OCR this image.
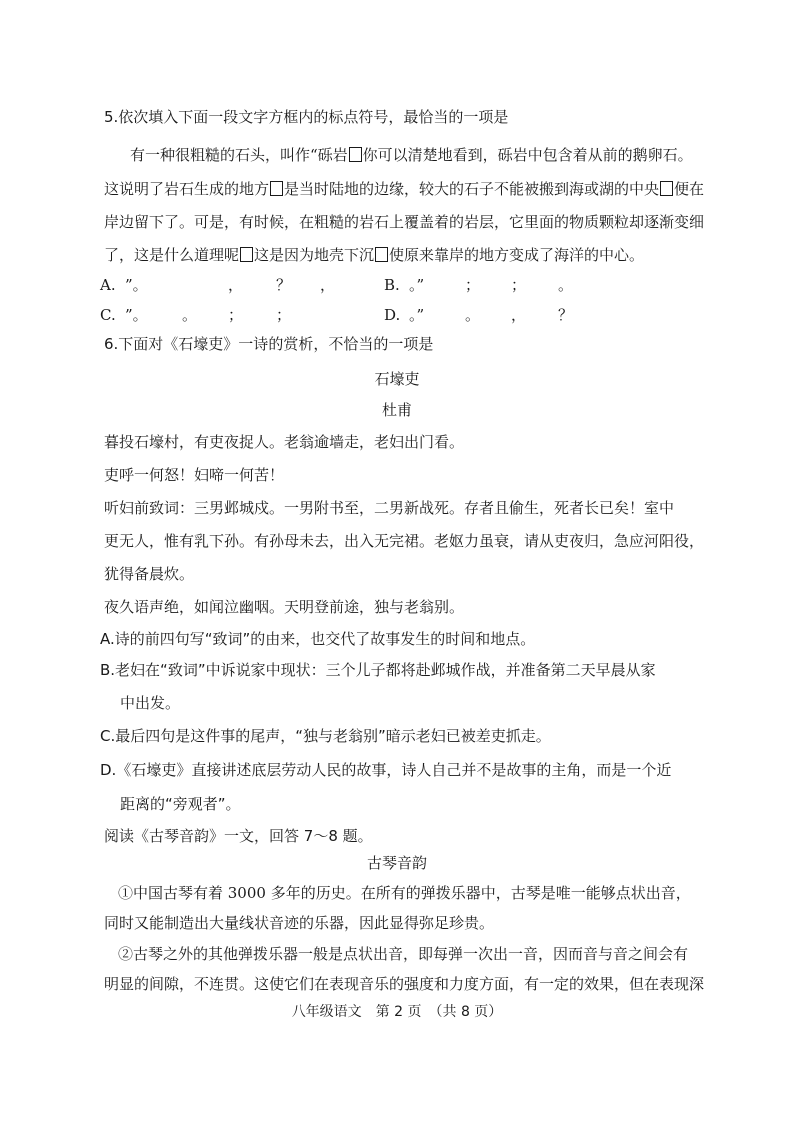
5.依次填入下面一段文字方框内的标点符号，最恰当的一项是
有一种很粗糙的石头，叫作“砾岩 你可以清楚地看到，砾岩中包含着从前的鹅卵石。
这说明了岩石生成的地方 是当时陆地的边缘，较大的石子不能被搬到海或湖的中央 便在
岸边留下了。可是，有时候，在粗糙的岩石上覆盖着的岩层，它里面的物质颗粒却逐渐变细
了，这是什么道理呢 这是因为地壳下沉 使原来靠岸的地方变成了海洋的中心。
A. ”。	， ？ ，	B. 。”	； ； 。
C. ”。 。 ； ；	D. 。”	。 ， ？
6.下面对《石壕吏》一诗的赏析，不恰当的一项是
石壕吏
杜甫
暮投石壕村，有吏夜捉人。老翁逾墙走，老妇出门看。
吏呼一何怒！妇啼一何苦！
听妇前致词：三男邺城戍。一男附书至，二男新战死。存者且偷生，死者长已矣！室中
更无人，惟有乳下孙。有孙母未去，出入无完裙。老妪力虽衰，请从吏夜归，急应河阳役，
犹得备晨炊。
夜久语声绝，如闻泣幽咽。天明登前途，独与老翁别。
A.诗的前四句写“致词”的由来，也交代了故事发生的时间和地点。
B.老妇在“致词”中诉说家中现状：三个儿子都将赴邺城作战，并准备第二天早晨从家
中出发。
C.最后四句是这件事的尾声，“独与老翁别”暗示老妇已被差吏抓走。
D.《石壕吏》直接讲述底层劳动人民的故事，诗人自己并不是故事的主角，而是一个近
距离的“旁观者”。
阅读《古琴音韵》一文，回答 7～8 题。
古琴音韵
①中国古琴有着 3000 多年的历史。在所有的弹拨乐器中，古琴是唯一能够点状出音，
同时又能制造出大量线状音迹的乐器，因此显得弥足珍贵。
②古琴之外的其他弹拨乐器一般是点状出音，即每弹一次出一音，因而音与音之间会有
明显的间隙，不连贯。这使它们在表现音乐的强度和力度方面，有一定的效果，但在表现深
八年级语文　第 2 页　（共 8 页）
